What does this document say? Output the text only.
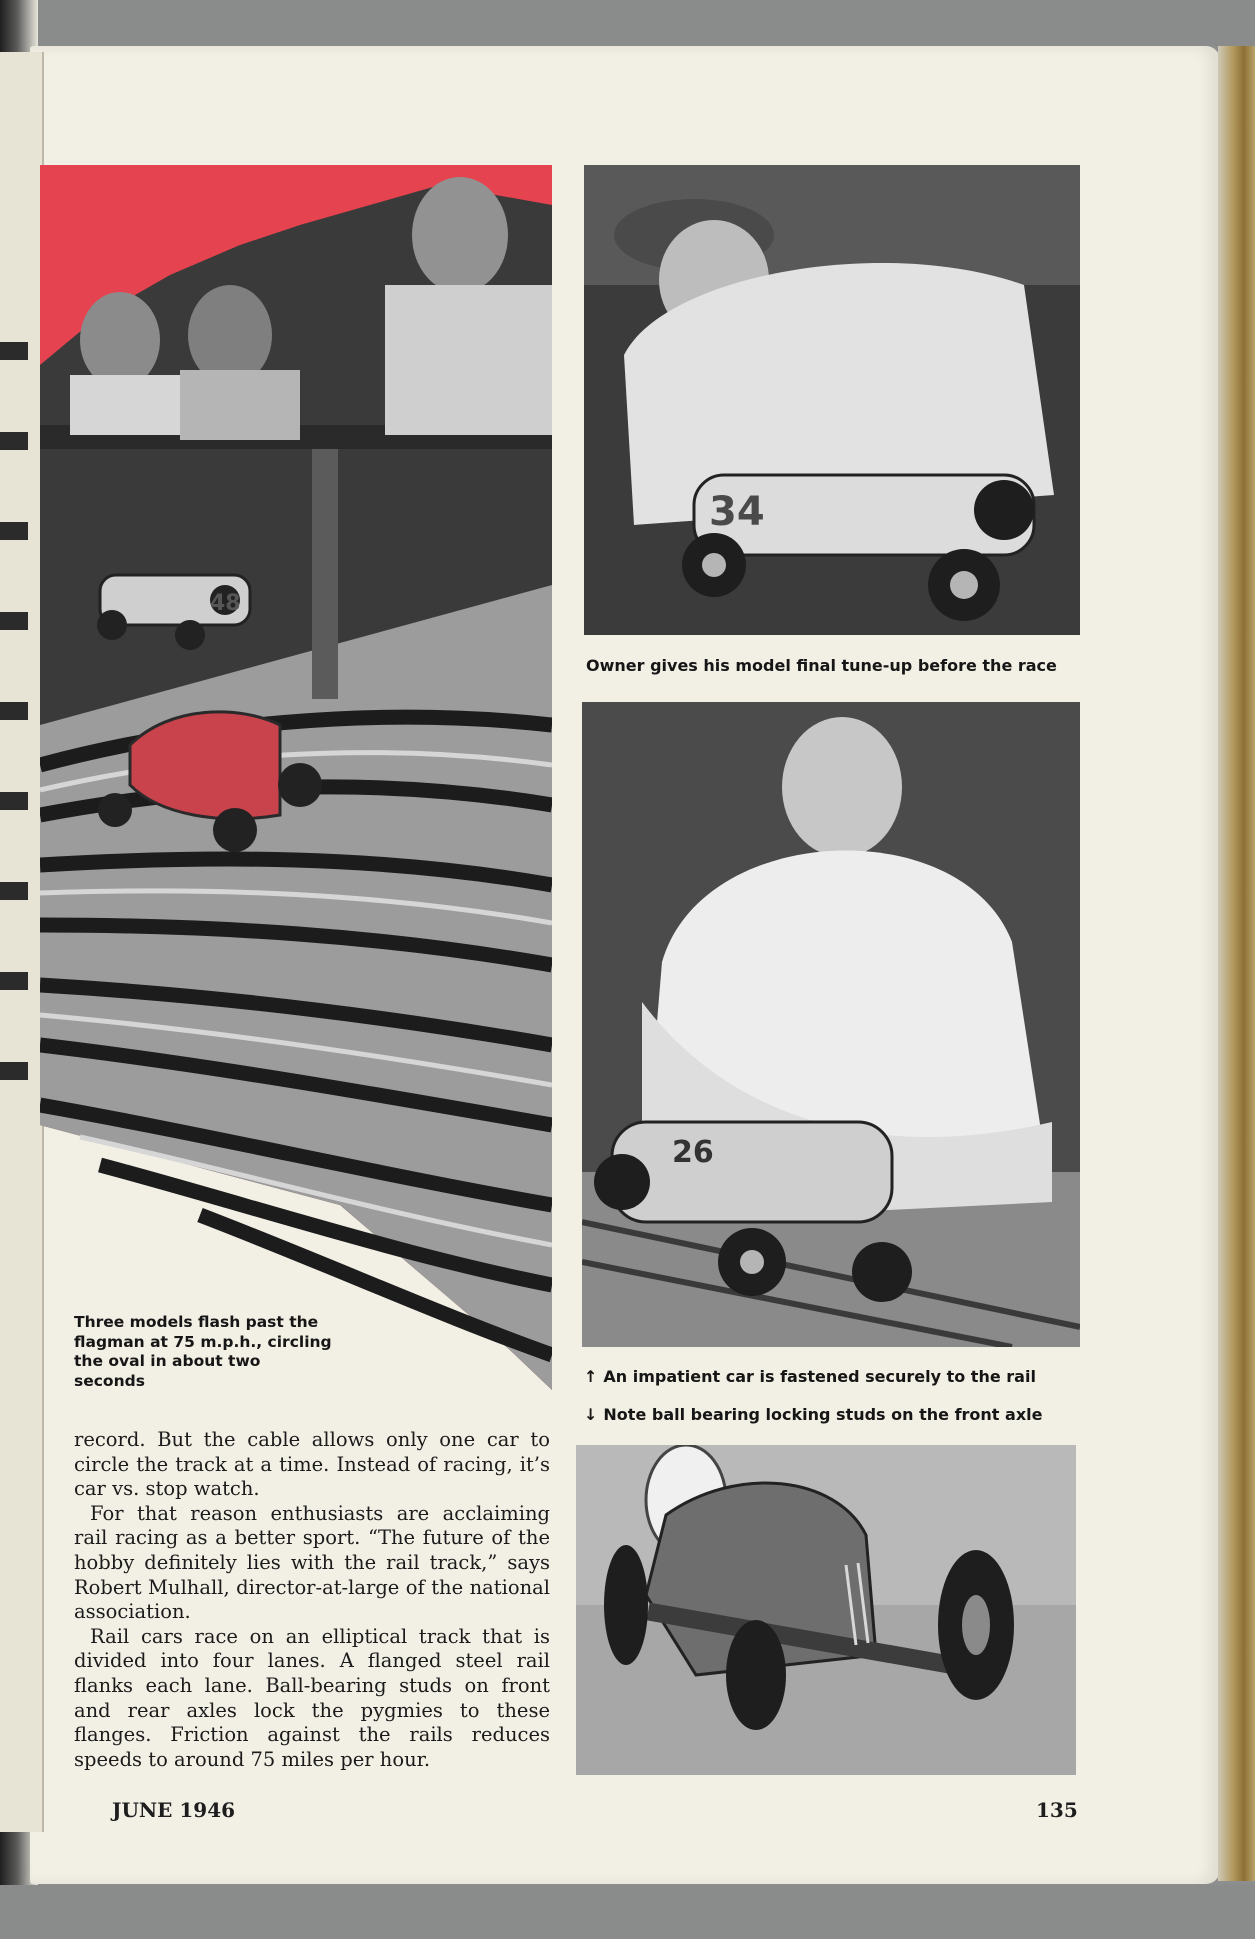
48

Three models flash past the flagman at 75 m.p.h., circling the oval in about two seconds

34

Owner gives his model final tune-up before the race

26

↑ An impatient car is fastened securely to the rail

↓ Note ball bearing locking studs on the front axle

record. But the cable allows only one car to circle the track at a time. Instead of racing, it’s car vs. stop watch.

For that reason enthusiasts are acclaiming rail racing as a better sport. “The future of the hobby definitely lies with the rail track,” says Robert Mulhall, director-at-large of the national association.

Rail cars race on an elliptical track that is divided into four lanes. A flanged steel rail flanks each lane. Ball-bearing studs on front and rear axles lock the pygmies to these flanges. Friction against the rails reduces speeds to around 75 miles per hour.

JUNE 1946	135
